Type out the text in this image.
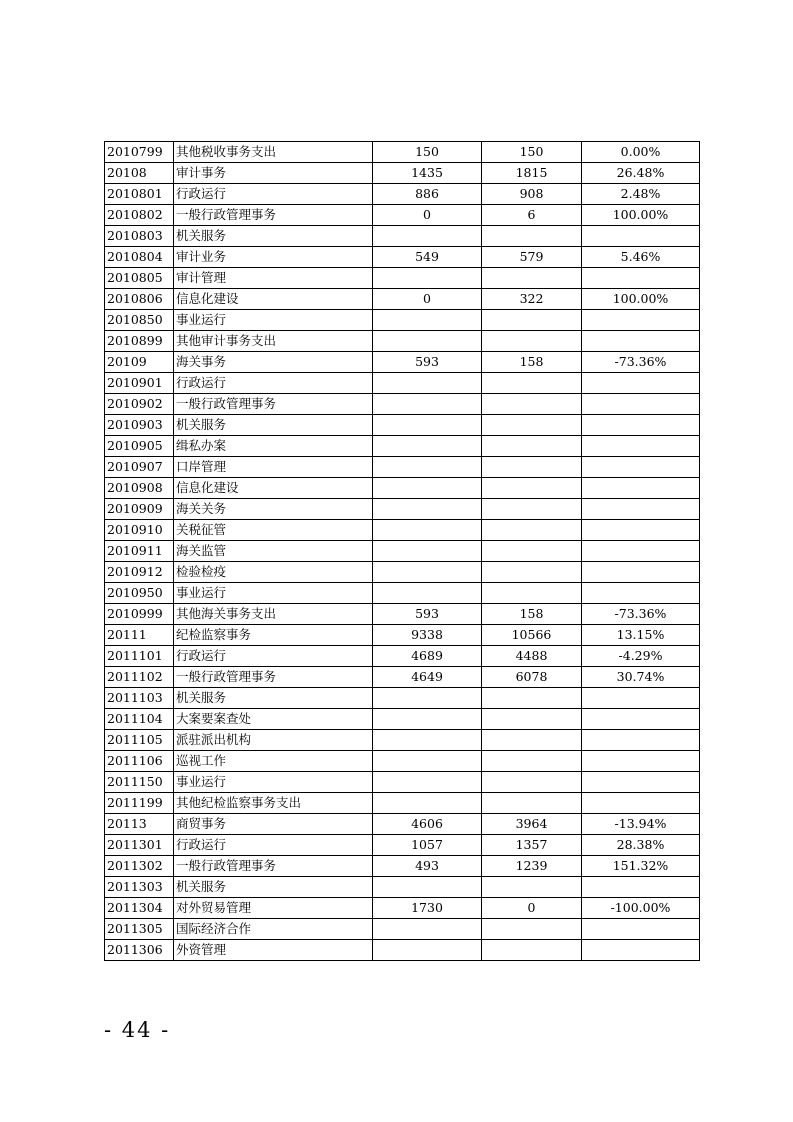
2010799	其他税收事务支出	150	150	0.00%
20108	审计事务	1435	1815	26.48%
2010801	行政运行	886	908	2.48%
2010802	一般行政管理事务	0	6	100.00%
2010803	机关服务			
2010804	审计业务	549	579	5.46%
2010805	审计管理			
2010806	信息化建设	0	322	100.00%
2010850	事业运行			
2010899	其他审计事务支出			
20109	海关事务	593	158	-73.36%
2010901	行政运行			
2010902	一般行政管理事务			
2010903	机关服务			
2010905	缉私办案			
2010907	口岸管理			
2010908	信息化建设			
2010909	海关关务			
2010910	关税征管			
2010911	海关监管			
2010912	检验检疫			
2010950	事业运行			
2010999	其他海关事务支出	593	158	-73.36%
20111	纪检监察事务	9338	10566	13.15%
2011101	行政运行	4689	4488	-4.29%
2011102	一般行政管理事务	4649	6078	30.74%
2011103	机关服务			
2011104	大案要案查处			
2011105	派驻派出机构			
2011106	巡视工作			
2011150	事业运行			
2011199	其他纪检监察事务支出			
20113	商贸事务	4606	3964	-13.94%
2011301	行政运行	1057	1357	28.38%
2011302	一般行政管理事务	493	1239	151.32%
2011303	机关服务			
2011304	对外贸易管理	1730	0	-100.00%
2011305	国际经济合作			
2011306	外资管理			
- 44 -
